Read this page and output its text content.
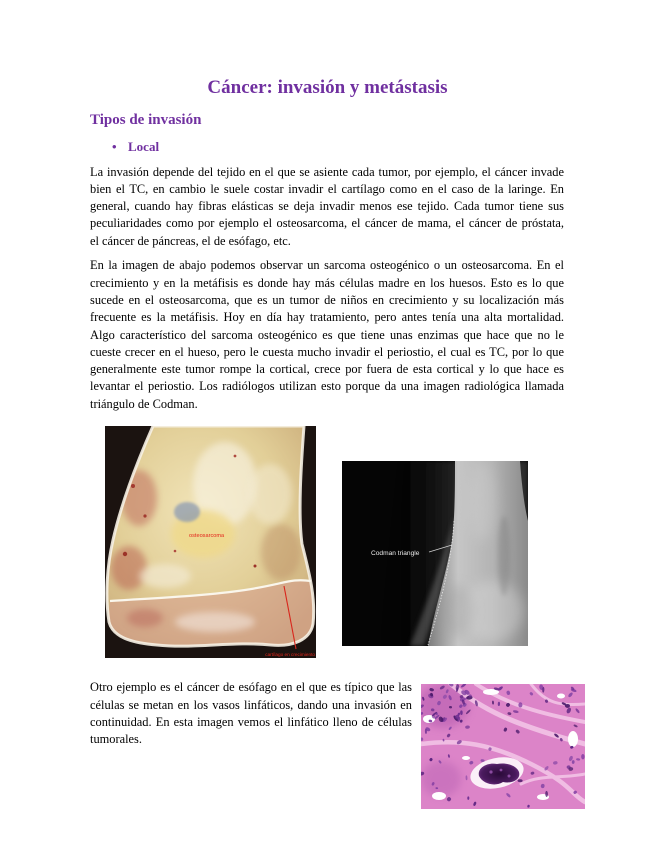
Cáncer: invasión y metástasis
Tipos de invasión
• Local
La invasión depende del tejido en el que se asiente cada tumor, por ejemplo, el cáncer invade
bien el TC, en cambio le suele costar invadir el cartílago como en el caso de la laringe. En
general, cuando hay fibras elásticas se deja invadir menos ese tejido. Cada tumor tiene sus
peculiaridades como por ejemplo el osteosarcoma, el cáncer de mama, el cáncer de próstata,
el cáncer de páncreas, el de esófago, etc.
En la imagen de abajo podemos observar un sarcoma osteogénico o un osteosarcoma. En el
crecimiento y en la metáfisis es donde hay más células madre en los huesos. Esto es lo que
sucede en el osteosarcoma, que es un tumor de niños en crecimiento y su localización más
frecuente es la metáfisis. Hoy en día hay tratamiento, pero antes tenía una alta mortalidad.
Algo característico del sarcoma osteogénico es que tiene unas enzimas que hace que no le
cueste crecer en el hueso, pero le cuesta mucho invadir el periostio, el cual es TC, por lo que
generalmente este tumor rompe la cortical, crece por fuera de esta cortical y lo que hace es
levantar el periostio. Los radiólogos utilizan esto porque da una imagen radiológica llamada
triángulo de Codman.
osteosarcoma
cartílago en crecimiento
Codman triangle
Otro ejemplo es el cáncer de esófago en el que es típico que las
células se metan en los vasos linfáticos, dando una invasión en
continuidad. En esta imagen vemos el linfático lleno de células
tumorales.
